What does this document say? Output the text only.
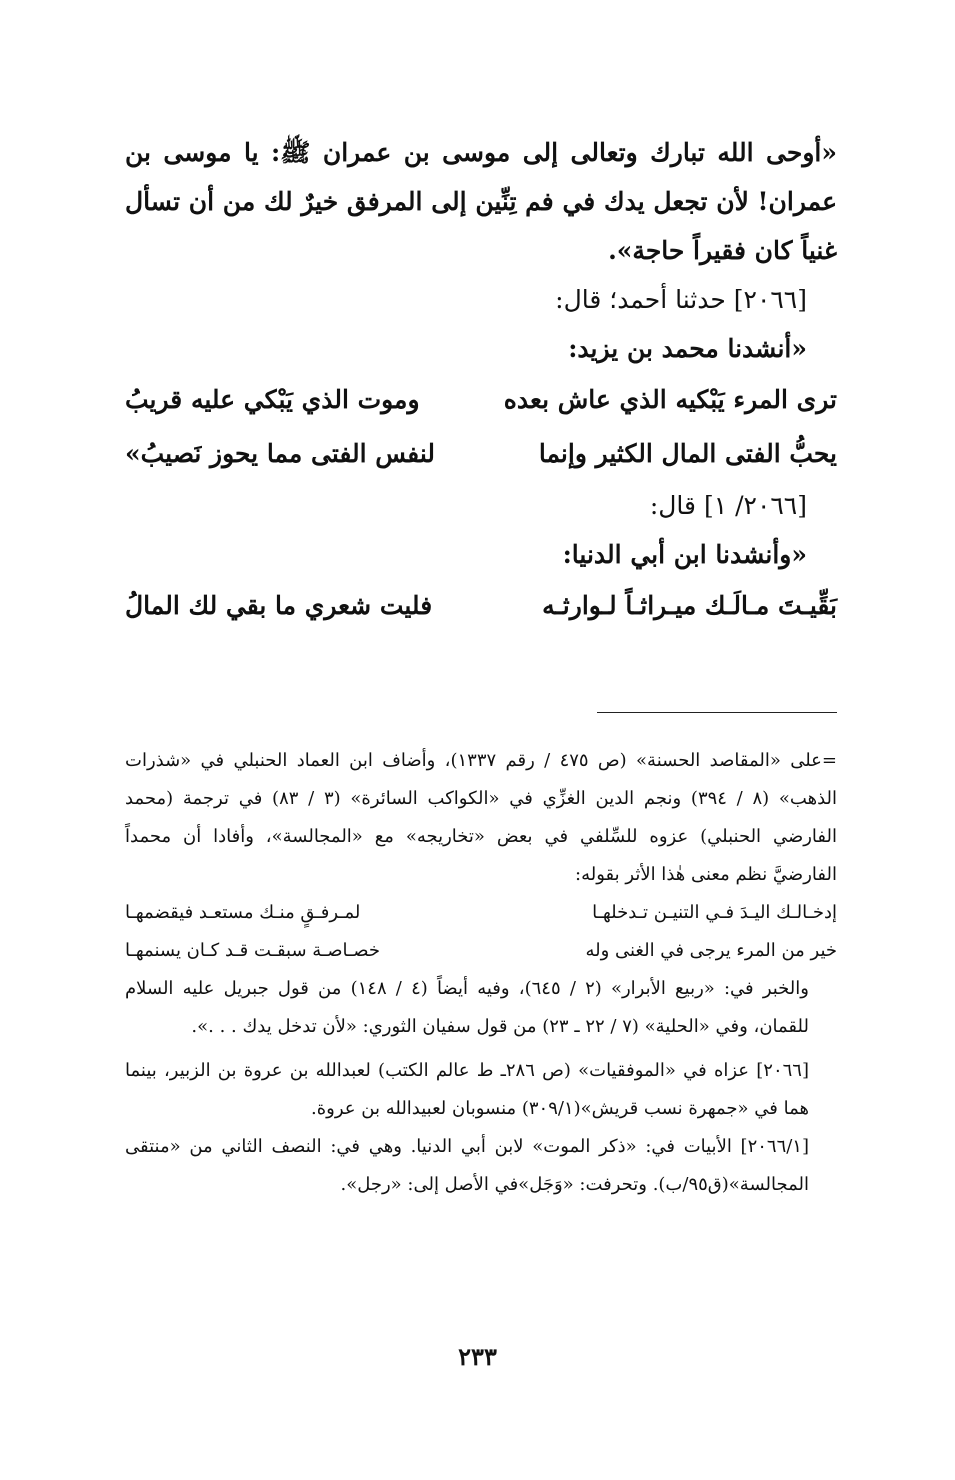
«أوحى الله تبارك وتعالى إلى موسى بن عمران ﷺ: يا موسى بن عمران! لأن تجعل يدك في فم تِنِّين إلى المرفق خيرٌ لك من أن تسأل غنياً كان فقيراً حاجة».

[٢٠٦٦] حدثنا أحمد؛ قال:

«أنشدنا محمد بن يزيد:

ترى المرء يَبْكيه الذي عاش بعده
وموت الذي يَبْكي عليه قريبُ
يحبُّ الفتى المال الكثير وإنما
لنفس الفتى مما يحوز نَصيبُ»

[٢٠٦٦/ ١] قال:

«وأنشدنا ابن أبي الدنيا:

بَقِّيـتَ مـالَـك ميـراثـاً لـوارثـه
فليت شعري ما بقي لك المالُ

=على «المقاصد الحسنة» (ص ٤٧٥ / رقم ١٣٣٧)، وأضاف ابن العماد الحنبلي في «شذرات الذهب» (٨ / ٣٩٤) ونجم الدين الغزِّي في «الكواكب السائرة» (٣ / ٨٣) في ترجمة (محمد الفارضي الحنبلي) عزوه للسِّلفي في بعض «تخاريجه» مع «المجالسة»، وأفادا أن محمداً الفارضيَّ نظم معنى هٰذا الأثر بقوله:

إدخـالـك اليـدَ فـي التنيـن تـدخلهـا
لمـرفـقٍ منـك مستعـد فيقضمهـا
خير من المرء يرجى في الغنى وله
خصـاصـة سبقـت قـد كـان يسنمهـا

والخبر في: «ربيع الأبرار» (٢ / ٦٤٥)، وفيه أيضاً (٤ / ١٤٨) من قول جبريل عليه السلام للقمان، وفي «الحلية» (٧ / ٢٢ ـ ٢٣) من قول سفيان الثوري: «لأن تدخل يدك . . .».

[٢٠٦٦] عزاه في «الموفقيات» (ص ٢٨٦ـ ط عالم الكتب) لعبدالله بن عروة بن الزبير، بينما هما في «جمهرة نسب قريش»(٣٠٩/١) منسوبان لعبيدالله بن عروة.

[٢٠٦٦/١] الأبيات في: «ذكر الموت» لابن أبي الدنيا. وهي في: النصف الثاني من «منتقى المجالسة»(ق٩٥/ب). وتحرفت: «وَجَل»في الأصل إلى: «رجل».

٢٣٣
